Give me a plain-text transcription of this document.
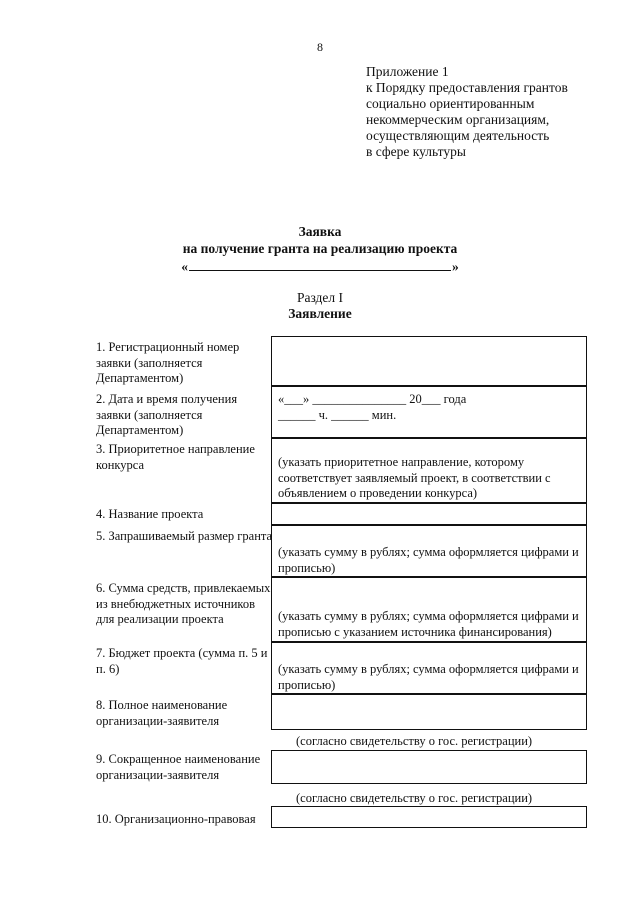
8
Приложение 1
к Порядку предоставления грантов
социально ориентированным
некоммерческим организациям,
осуществляющим деятельность
в сфере культуры
Заявка
на получение гранта на реализацию проекта
«	»
Раздел I
Заявление
1. Регистрационный номер заявки (заполняется Департаментом)
2. Дата и время получения заявки (заполняется Департаментом)
«___» _______________ 20___ года
______ ч. ______ мин.
3. Приоритетное направление конкурса	(указать приоритетное направление, которому соответствует заявляемый проект, в соответствии с объявлением о проведении конкурса)
4. Название проекта
5. Запрашиваемый размер гранта
(указать сумму в рублях; сумма оформляется цифрами и прописью)
6. Сумма средств, привлекаемых из внебюджетных источников для реализации проекта	(указать сумму в рублях; сумма оформляется цифрами и прописью с указанием источника финансирования)
7. Бюджет проекта (сумма п. 5 и п. 6)	(указать сумму в рублях; сумма оформляется цифрами и прописью)
8. Полное наименование организации-заявителя
(согласно свидетельству о гос. регистрации)
9. Сокращенное наименование организации-заявителя
(согласно свидетельству о гос. регистрации)
10. Организационно-правовая
